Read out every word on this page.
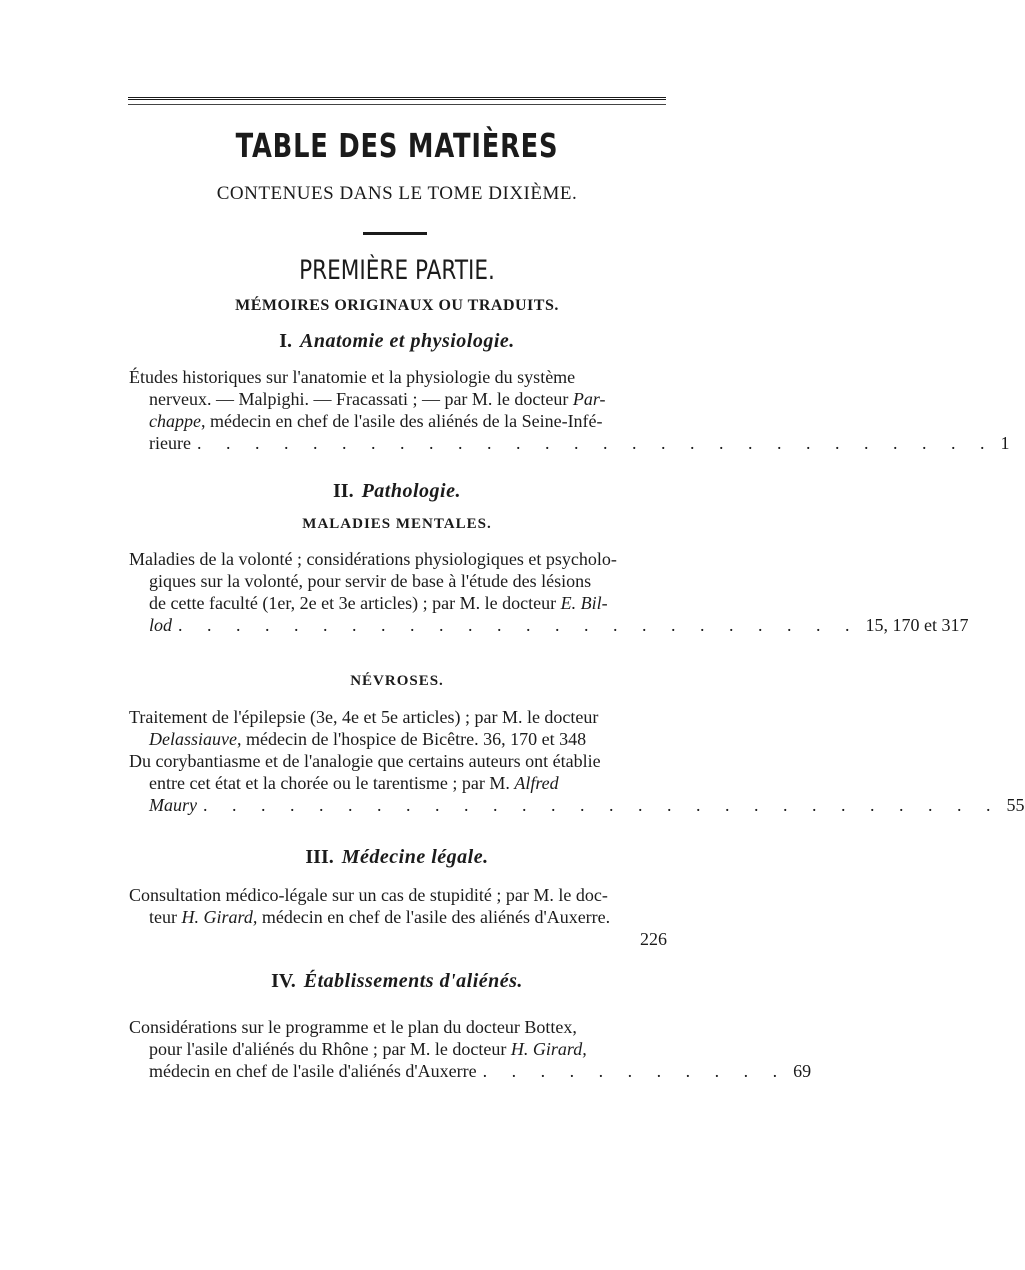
TABLE DES MATIÈRES
CONTENUES DANS LE TOME DIXIÈME.
PREMIÈRE PARTIE.
MÉMOIRES ORIGINAUX OU TRADUITS.
I. Anatomie et physiologie.
Études historiques sur l'anatomie et la physiologie du système
nerveux. — Malpighi. — Fracassati ; — par M. le docteur Par-
chappe, médecin en chef de l'asile des aliénés de la Seine-Infé-
rieure . . . . . . . . . . . . . . . . . . . . . . . . . . . . 1
II. Pathologie.
MALADIES MENTALES.
Maladies de la volonté ; considérations physiologiques et psycholo-
giques sur la volonté, pour servir de base à l'étude des lésions
de cette faculté (1er, 2e et 3e articles) ; par M. le docteur E. Bil-
lod . . . . . . . . . . . . . . . . . . . . . . . . 15, 170 et 317
NÉVROSES.
Traitement de l'épilepsie (3e, 4e et 5e articles) ; par M. le docteur
Delassiauve, médecin de l'hospice de Bicêtre. 36, 170 et 348
Du corybantiasme et de l'analogie que certains auteurs ont établie
entre cet état et la chorée ou le tarentisme ; par M. Alfred
Maury . . . . . . . . . . . . . . . . . . . . . . . . . . . . 55
III. Médecine légale.
Consultation médico-légale sur un cas de stupidité ; par M. le doc-
teur H. Girard, médecin en chef de l'asile des aliénés d'Auxerre.
226
IV. Établissements d'aliénés.
Considérations sur le programme et le plan du docteur Bottex,
pour l'asile d'aliénés du Rhône ; par M. le docteur H. Girard,
médecin en chef de l'asile d'aliénés d'Auxerre . . . . . . . . . . . 69
